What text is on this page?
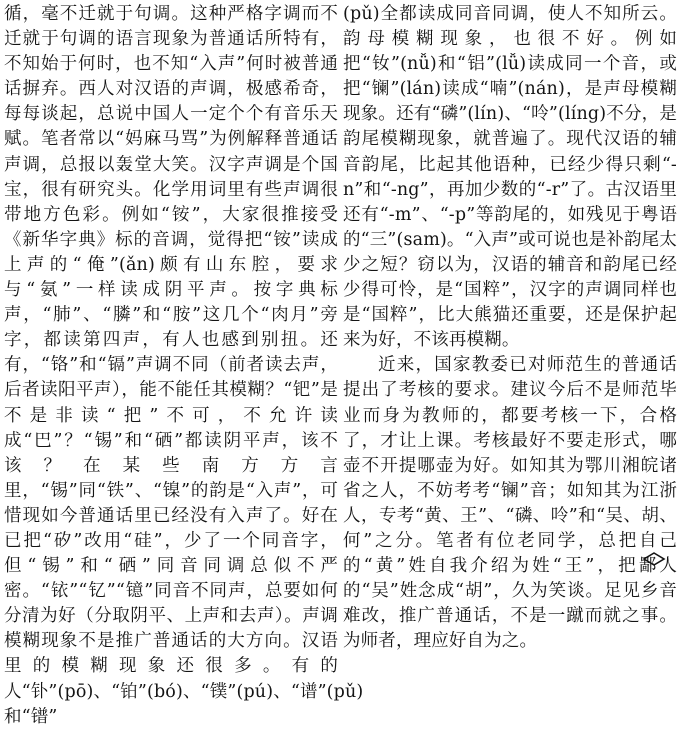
循，毫不迁就于句调。这种严格字调而不迁就于句调的语言现象为普通话所特有，不知始于何时，也不知“入声”何时被普通话摒弃。西人对汉语的声调，极感希奇，每每谈起，总说中国人一定个个有音乐天赋。笔者常以“妈麻马骂”为例解释普通话声调，总报以轰堂大笑。汉字声调是个国宝，很有研究头。化学用词里有些声调很带地方色彩。例如“铵”，大家很推接受《新华字典》标的音调，觉得把“铵”读成上声的“俺”(ǎn)颇有山东腔，要求与“氨”一样读成阴平声。按字典标声，“肺”、“膦”和“胺”这几个“肉月”旁字，都读第四声，有人也感到别扭。还有，“铬”和“镉”声调不同（前者读去声，后者读阳平声），能不能任其模糊？“钯”是不是非读“把”不可，不允许读成“巴”？“锡”和“硒”都读阴平声，该不该？在某些南方方言里，“锡”同“铁”、“镍”的韵是“入声”，可惜现如今普通话里已经没有入声了。好在已把“矽”改用“硅”，少了一个同音字，但“锡”和“硒”同音同调总似不严密。“铱”“钇”“镱”同音不同声，总要如何分清为好（分取阴平、上声和去声）。声调模糊现象不是推广普通话的大方向。汉语里的模糊现象还很多。有的人“钋”(pō)、“铂”(bó)、“镤”(pú)、“谱”(pǔ)和“镨”

(pǔ)全都读成同音同调，使人不知所云。韵母模糊现象，也很不好。例如把“钕”(nǚ)和“铝”(lǚ)读成同一个音，或把“镧”(lán)读成“喃”(nán)，是声母模糊现象。还有“磷”(lín)、“呤”(líng)不分，是韵尾模糊现象，就普遍了。现代汉语的辅音韵尾，比起其他语种，已经少得只剩“-n”和“-ng”，再加少数的“-r”了。古汉语里还有“-m”、“-p”等韵尾的，如残见于粤语的“三”(sam)。“入声”或可说也是补韵尾太少之短？窃以为，汉语的辅音和韵尾已经少得可怜，是“国粹”，汉字的声调同样也是“国粹”，比大熊猫还重要，还是保护起来为好，不该再模糊。

近来，国家教委已对师范生的普通话提出了考核的要求。建议今后不是师范毕业而身为教师的，都要考核一下，合格了，才让上课。考核最好不要走形式，哪壶不开提哪壶为好。如知其为鄂川湘皖诸省之人，不妨考考“镧”音；如知其为江浙人，专考“黄、王”、“磷、呤”和“吴、胡、何”之分。笔者有位老同学，总把自己的“黄”姓自我介绍为姓“王”，把鄙人的“吴”姓念成“胡”，久为笑谈。足见乡音难改，推广普通话，不是一蹴而就之事。为师者，理应好自为之。
